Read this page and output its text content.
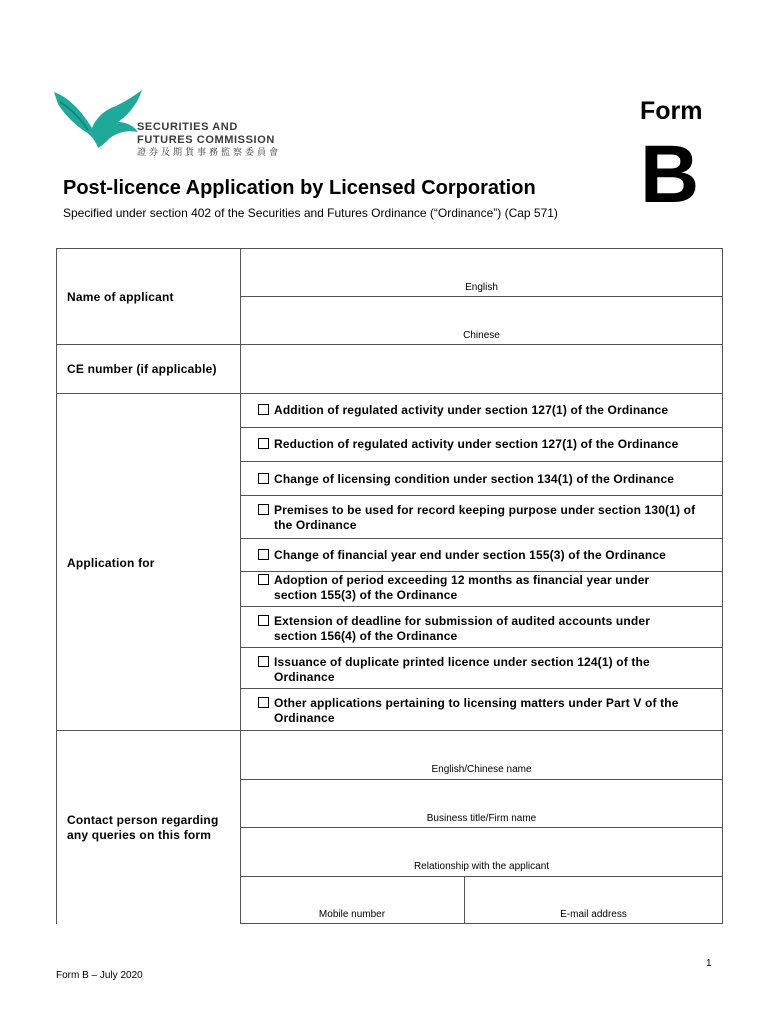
SECURITIES AND
FUTURES COMMISSION
證券及期貨事務監察委員會
Form
B
Post-licence Application by Licensed Corporation
Specified under section 402 of the Securities and Futures Ordinance (“Ordinance”) (Cap 571)
Name of applicant
English
Chinese
CE number (if applicable)
Application for
Addition of regulated activity under section 127(1) of the Ordinance
Reduction of regulated activity under section 127(1) of the Ordinance
Change of licensing condition under section 134(1) of the Ordinance
Premises to be used for record keeping purpose under section 130(1) of
the Ordinance
Change of financial year end under section 155(3) of the Ordinance
Adoption of period exceeding 12 months as financial year under
section 155(3) of the Ordinance
Extension of deadline for submission of audited accounts under
section 156(4) of the Ordinance
Issuance of duplicate printed licence under section 124(1) of the
Ordinance
Other applications pertaining to licensing matters under Part V of the
Ordinance
Contact person regarding
any queries on this form
English/Chinese name
Business title/Firm name
Relationship with the applicant
Mobile number	E-mail address
1
Form B – July 2020
